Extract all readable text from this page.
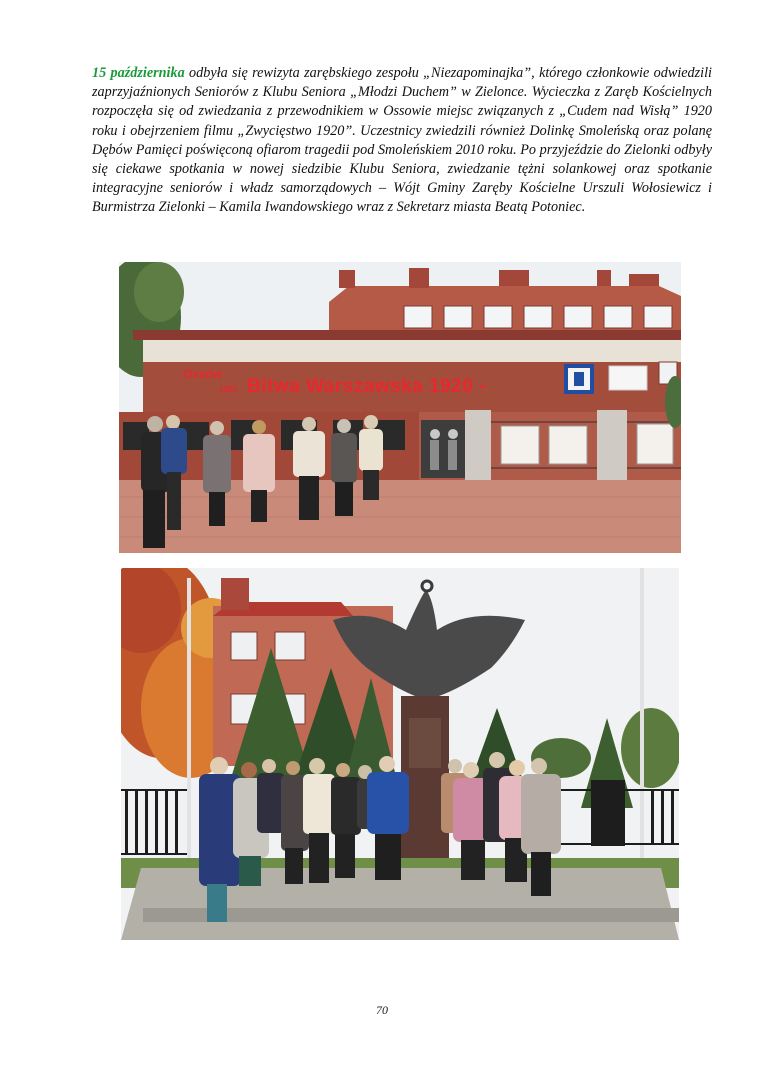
15 października odbyła się rewizyta zarębskiego zespołu „Niezapominajka”, którego członkowie odwiedzili zaprzyjaźnionych Seniorów z Klubu Seniora „Młodzi Duchem” w Zielonce. Wycieczka z Zaręb Kościelnych rozpoczęła się od zwiedzania z przewodnikiem w Ossowie miejsc związanych z „Cudem nad Wisłą” 1920 roku i obejrzeniem filmu „Zwycięstwo 1920”. Uczestnicy zwiedzili również Dolinkę Smoleńską oraz polanę Dębów Pamięci poświęconą ofiarom tragedii pod Smoleńskiem 2010 roku. Po przyjeździe do Zielonki odbyły się ciekawe spotkania w nowej siedzibie Klubu Seniora, zwiedzanie tężni solankowej oraz spotkanie integracyjne seniorów i władz samorządowych – Wójt Gminy Zaręby Kościelne Urszuli Wołosiewicz i Burmistrza Zielonki – Kamila Iwandowskiego wraz z Sekretarz miasta Beatą Potoniec.
Ossów
1920 Bitwa Warszawska 1920 -
70
